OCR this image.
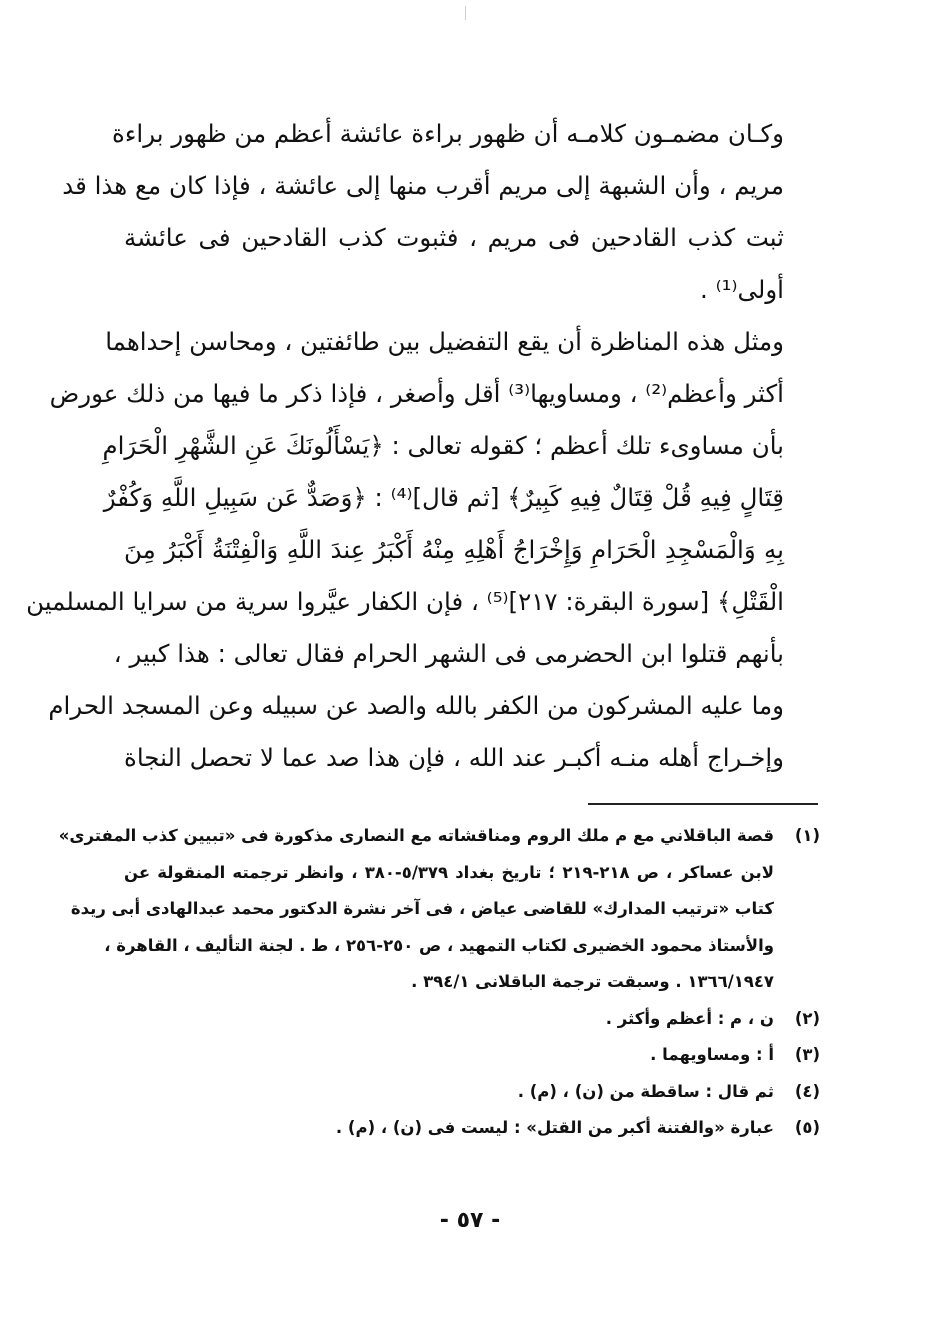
وكـان مضمـون كلامـه أن ظهور براءة عائشة أعظم من ظهور براءة
مريم ، وأن الشبهة إلى مريم أقرب منها إلى عائشة ، فإذا كان مع هذا قد
ثبت كذب القادحين فى مريم ، فثبوت كذب القادحين فى عائشة
أولى⁽¹⁾ .

ومثل هذه المناظرة أن يقع التفضيل بين طائفتين ، ومحاسن إحداهما
أكثر وأعظم⁽²⁾ ، ومساويها⁽³⁾ أقل وأصغر ، فإذا ذكر ما فيها من ذلك عورض
بأن مساوىء تلك أعظم ؛ كقوله تعالى : ﴿يَسْأَلُونَكَ عَنِ الشَّهْرِ الْحَرَامِ
قِتَالٍ فِيهِ قُلْ قِتَالٌ فِيهِ كَبِيرٌ﴾ [ثم قال]⁽⁴⁾ : ﴿وَصَدٌّ عَن سَبِيلِ اللَّهِ وَكُفْرٌ
بِهِ وَالْمَسْجِدِ الْحَرَامِ وَإِخْرَاجُ أَهْلِهِ مِنْهُ أَكْبَرُ عِندَ اللَّهِ وَالْفِتْنَةُ أَكْبَرُ مِنَ
الْقَتْلِ﴾ [سورة البقرة: ٢١٧]⁽⁵⁾ ، فإن الكفار عيَّروا سرية من سرايا المسلمين
بأنهم قتلوا ابن الحضرمى فى الشهر الحرام فقال تعالى : هذا كبير ،
وما عليه المشركون من الكفر بالله والصد عن سبيله وعن المسجد الحرام
وإخـراج أهله منـه أكبـر عند الله ، فإن هذا صد عما لا تحصل النجاة

(١)
قصة الباقلاني مع م ملك الروم ومناقشاته مع النصارى مذكورة فى «تبيين كذب المفترى»
لابن عساكر ، ص ٢١٨-٢١٩ ؛ تاريخ بغداد ٥/٣٧٩-٣٨٠ ، وانظر ترجمته المنقولة عن
كتاب «ترتيب المدارك» للقاضى عياض ، فى آخر نشرة الدكتور محمد عبدالهادى أبى ريدة
والأستاذ محمود الخضيرى لكتاب التمهيد ، ص ٢٥٠-٢٥٦ ، ط . لجنة التأليف ، القاهرة ،
١٣٦٦/١٩٤٧ . وسبقت ترجمة الباقلانى ٣٩٤/١ .
(٢)
ن ، م : أعظم وأكثر .
(٣)
أ : ومساويهما .
(٤)
ثم قال : ساقطة من (ن) ، (م) .
(٥)
عبارة «والفتنة أكبر من القتل» : ليست فى (ن) ، (م) .
- ٥٧ -
